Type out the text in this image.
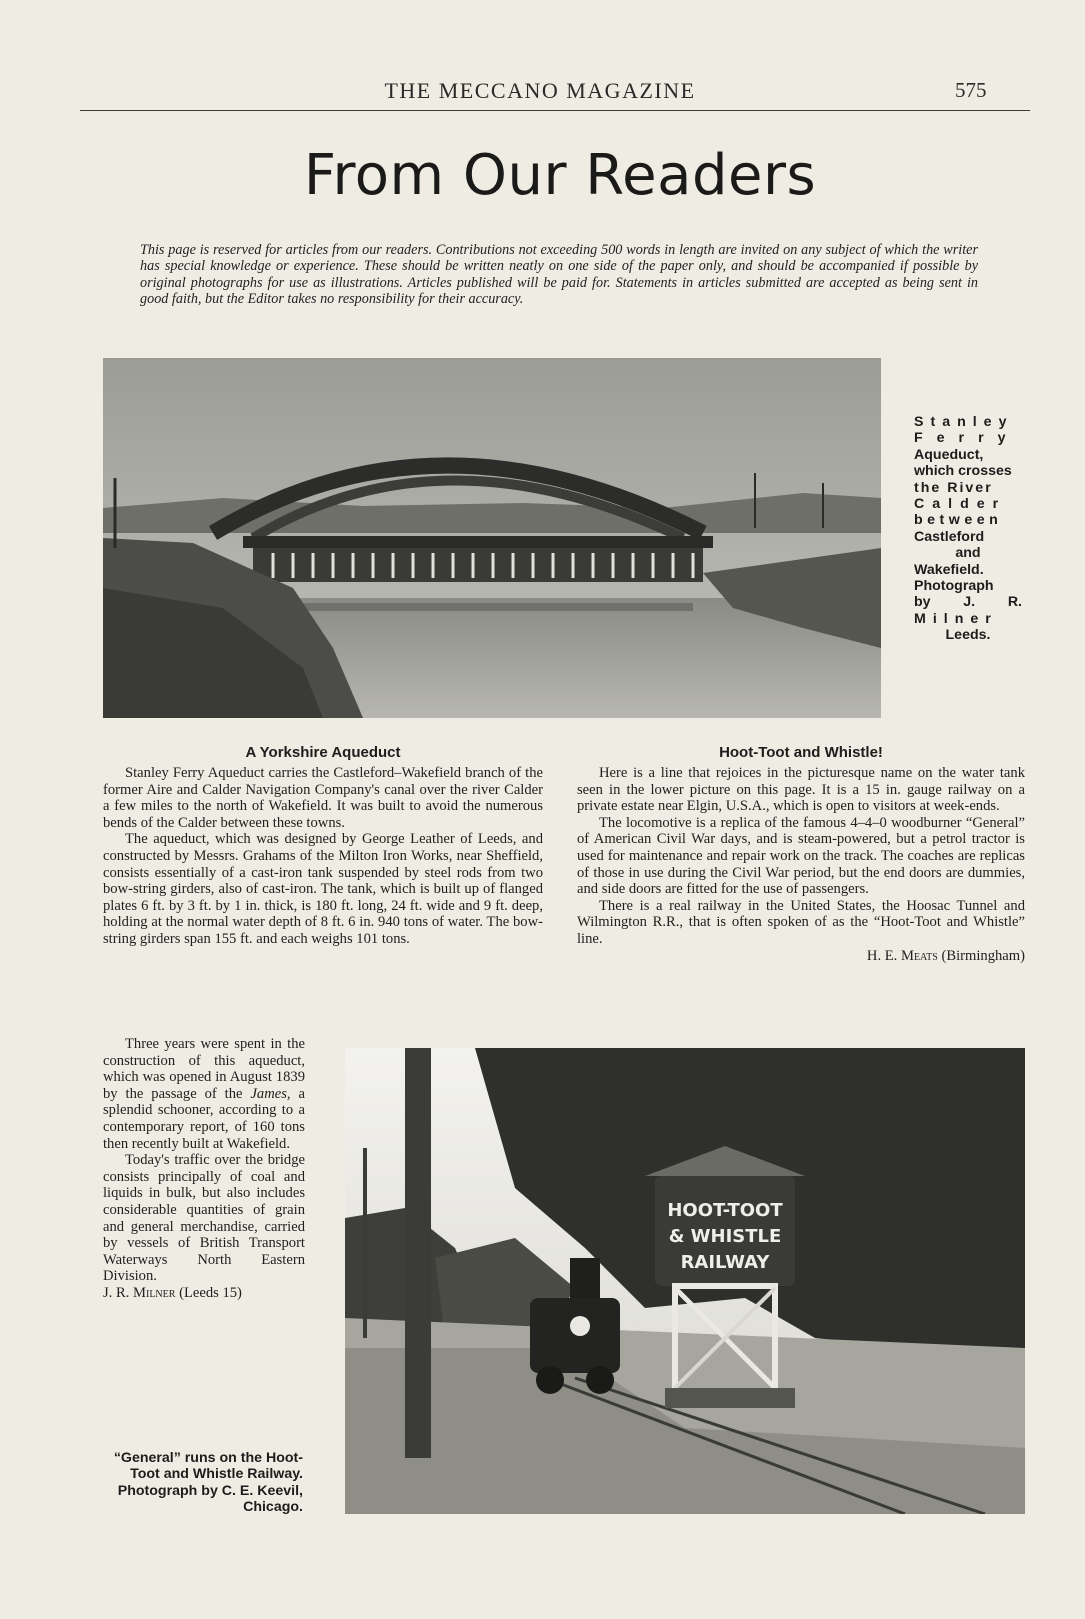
THE MECCANO MAGAZINE	575
From Our Readers
This page is reserved for articles from our readers. Contributions not exceeding 500 words in length are invited on any subject of which the writer has special knowledge or experience. These should be written neatly on one side of the paper only, and should be accompanied if possible by original photographs for use as illustrations. Articles published will be paid for. Statements in articles submitted are accepted as being sent in good faith, but the Editor takes no responsibility for their accuracy.
Stanley
Ferry
Aqueduct,
which crosses
the River
Calder
between
Castleford
and
Wakefield.
Photograph
by J. R.
Milner
Leeds.
A Yorkshire Aqueduct

Stanley Ferry Aqueduct carries the Castleford–Wakefield branch of the former Aire and Calder Navigation Company's canal over the river Calder a few miles to the north of Wakefield. It was built to avoid the numerous bends of the Calder between these towns.

The aqueduct, which was designed by George Leather of Leeds, and constructed by Messrs. Grahams of the Milton Iron Works, near Sheffield, consists essentially of a cast-iron tank suspended by steel rods from two bow-string girders, also of cast-iron. The tank, which is built up of flanged plates 6 ft. by 3 ft. by 1 in. thick, is 180 ft. long, 24 ft. wide and 9 ft. deep, holding at the normal water depth of 8 ft. 6 in. 940 tons of water. The bow-string girders span 155 ft. and each weighs 101 tons.

Three years were spent in the construction of this aqueduct, which was opened in August 1839 by the passage of the James, a splendid schooner, according to a contemporary report, of 160 tons then recently built at Wakefield.

Today's traffic over the bridge consists principally of coal and liquids in bulk, but also includes considerable quantities of grain and general merchandise, carried by vessels of British Transport Waterways North Eastern Division.

J. R. Milner (Leeds 15)

Hoot-Toot and Whistle!

Here is a line that rejoices in the picturesque name on the water tank seen in the lower picture on this page. It is a 15 in. gauge railway on a private estate near Elgin, U.S.A., which is open to visitors at week-ends.

The locomotive is a replica of the famous 4–4–0 woodburner “General” of American Civil War days, and is steam-powered, but a petrol tractor is used for maintenance and repair work on the track. The coaches are replicas of those in use during the Civil War period, but the end doors are dummies, and side doors are fitted for the use of passengers.

There is a real railway in the United States, the Hoosac Tunnel and Wilmington R.R., that is often spoken of as the “Hoot-Toot and Whistle” line.

H. E. Meats (Birmingham)

HOOT-TOOT
& WHISTLE
RAILWAY
“General” runs on the Hoot-Toot and Whistle Railway. Photograph by C. E. Keevil, Chicago.
